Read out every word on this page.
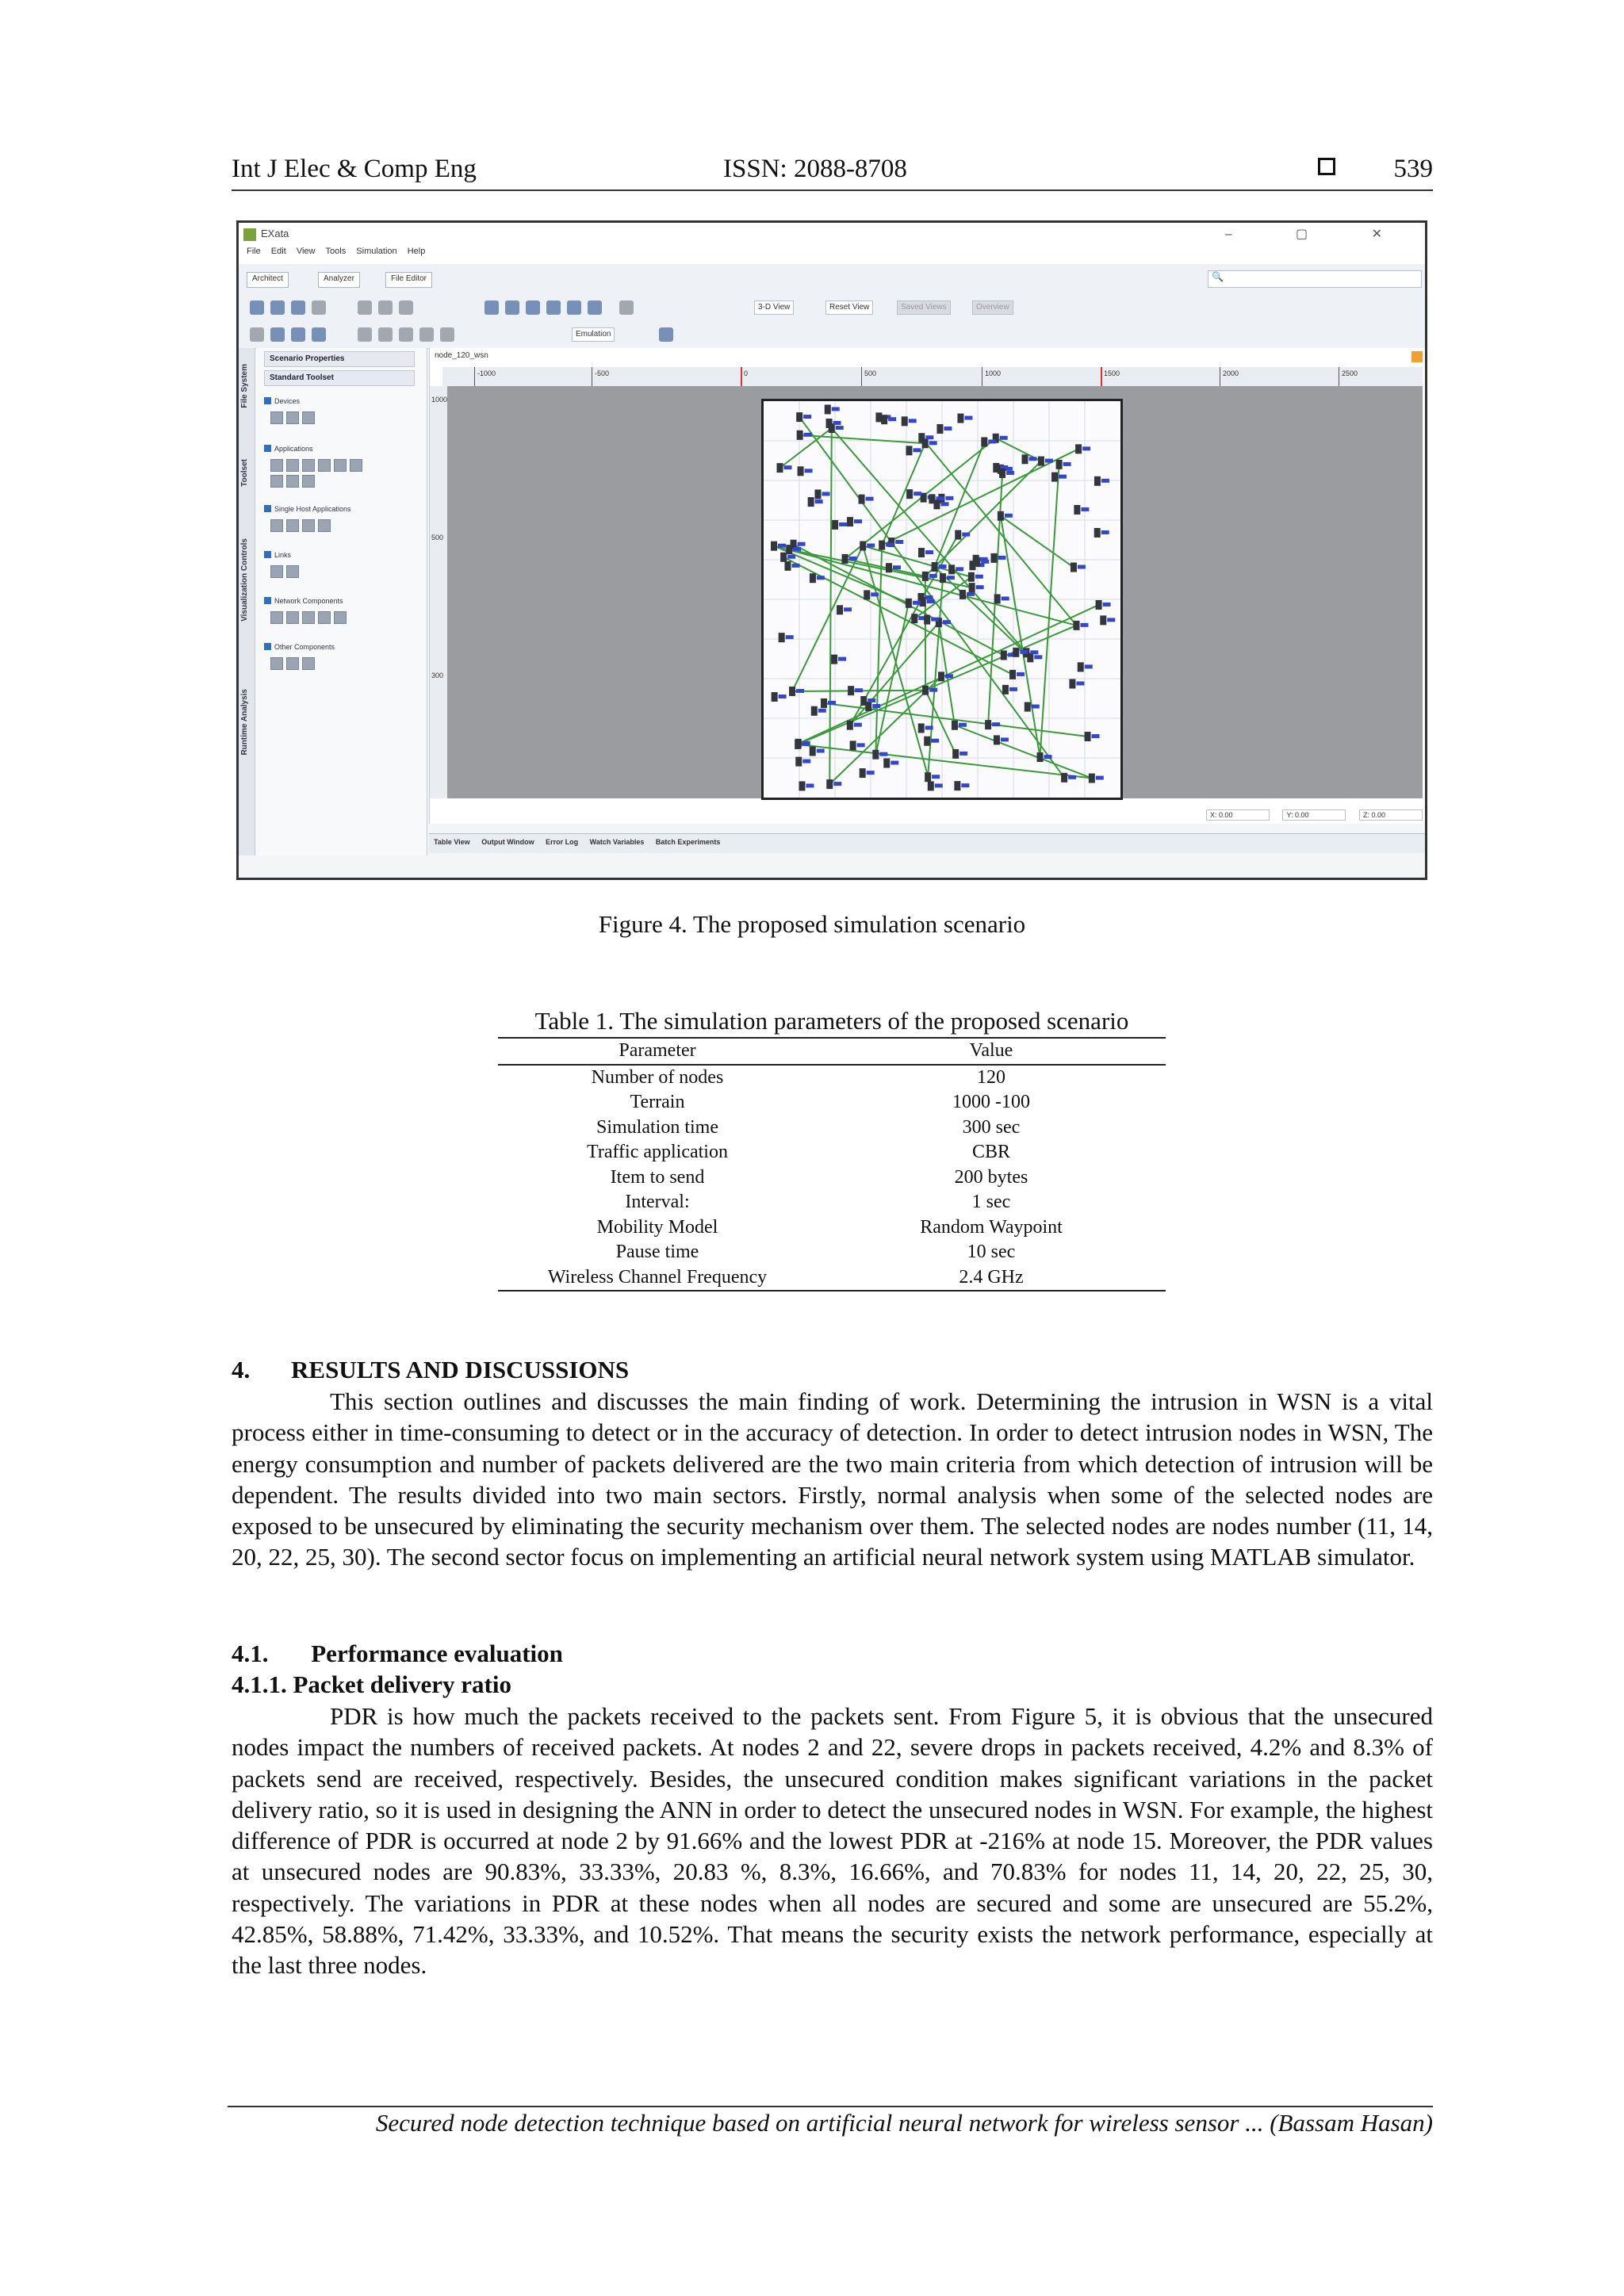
Int J Elec & Comp Eng	ISSN: 2088-8708	539
EXata	– ▢ ✕
File Edit View Tools Simulation Help
Architect	Analyzer	File Editor	🔍
3-D View	Reset View	Saved Views	Overview
Emulation
File System
Toolset
Visualization Controls
Runtime Analysis
Scenario Properties
Standard Toolset
Devices
Applications
Single Host Applications
Links
Network Components
Other Components
node_120_wsn
-1000	-500	0	500	1000	1500	2000	2500
1000
500
300
X: 0.00	Y: 0.00	Z: 0.00
Table View Output Window Error Log Watch Variables Batch Experiments
Figure 4. The proposed simulation scenario
Table 1. The simulation parameters of the proposed scenario
Parameter	Value
Number of nodes	120
Terrain	1000 -100
Simulation time	300 sec
Traffic application	CBR
Item to send	200 bytes
Interval:	1 sec
Mobility Model	Random Waypoint
Pause time	10 sec
Wireless Channel Frequency	2.4 GHz
4. RESULTS AND DISCUSSIONS

This section outlines and discusses the main finding of work. Determining the intrusion in WSN is a vital process either in time-consuming to detect or in the accuracy of detection. In order to detect intrusion nodes in WSN, The energy consumption and number of packets delivered are the two main criteria from which detection of intrusion will be dependent. The results divided into two main sectors. Firstly, normal analysis when some of the selected nodes are exposed to be unsecured by eliminating the security mechanism over them. The selected nodes are nodes number (11, 14, 20, 22, 25, 30). The second sector focus on implementing an artificial neural network system using MATLAB simulator.

4.1. Performance evaluation
4.1.1. Packet delivery ratio

PDR is how much the packets received to the packets sent. From Figure 5, it is obvious that the unsecured nodes impact the numbers of received packets. At nodes 2 and 22, severe drops in packets received, 4.2% and 8.3% of packets send are received, respectively. Besides, the unsecured condition makes significant variations in the packet delivery ratio, so it is used in designing the ANN in order to detect the unsecured nodes in WSN. For example, the highest difference of PDR is occurred at node 2 by 91.66% and the lowest PDR at -216% at node 15. Moreover, the PDR values at unsecured nodes are 90.83%, 33.33%, 20.83 %, 8.3%, 16.66%, and 70.83% for nodes 11, 14, 20, 22, 25, 30, respectively. The variations in PDR at these nodes when all nodes are secured and some are unsecured are 55.2%, 42.85%, 58.88%, 71.42%, 33.33%, and 10.52%. That means the security exists the network performance, especially at the last three nodes.

Secured node detection technique based on artificial neural network for wireless sensor ... (Bassam Hasan)
